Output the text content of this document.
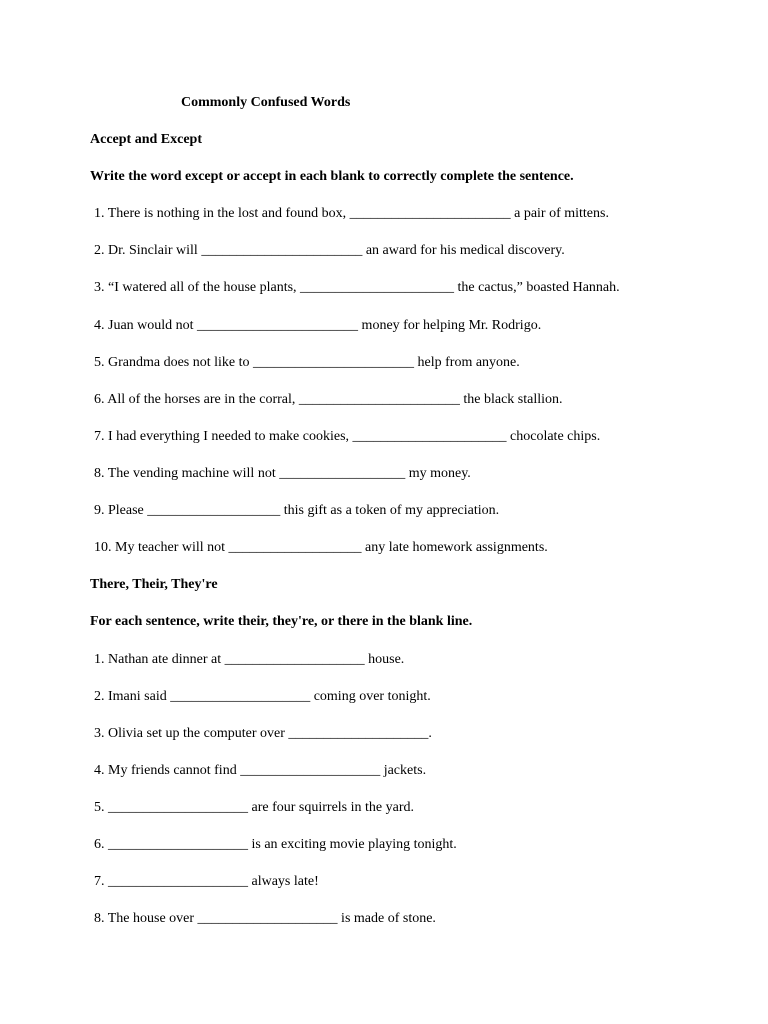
Commonly Confused Words
Accept and Except
Write the word except or accept in each blank to correctly complete the sentence.
1. There is nothing in the lost and found box, _______________________ a pair of mittens.
2. Dr. Sinclair will _______________________ an award for his medical discovery.
3. “I watered all of the house plants, ______________________ the cactus,” boasted Hannah.
4. Juan would not _______________________ money for helping Mr. Rodrigo.
5. Grandma does not like to _______________________ help from anyone.
6. All of the horses are in the corral, _______________________ the black stallion.
7. I had everything I needed to make cookies, ______________________ chocolate chips.
8. The vending machine will not __________________ my money.
9. Please ___________________ this gift as a token of my appreciation.
10. My teacher will not ___________________ any late homework assignments.
There, Their, They're
For each sentence, write their, they're, or there in the blank line.
1. Nathan ate dinner at ____________________ house.
2. Imani said ____________________ coming over tonight.
3. Olivia set up the computer over ____________________.
4. My friends cannot find ____________________ jackets.
5. ____________________ are four squirrels in the yard.
6. ____________________ is an exciting movie playing tonight.
7. ____________________ always late!
8. The house over ____________________ is made of stone.
